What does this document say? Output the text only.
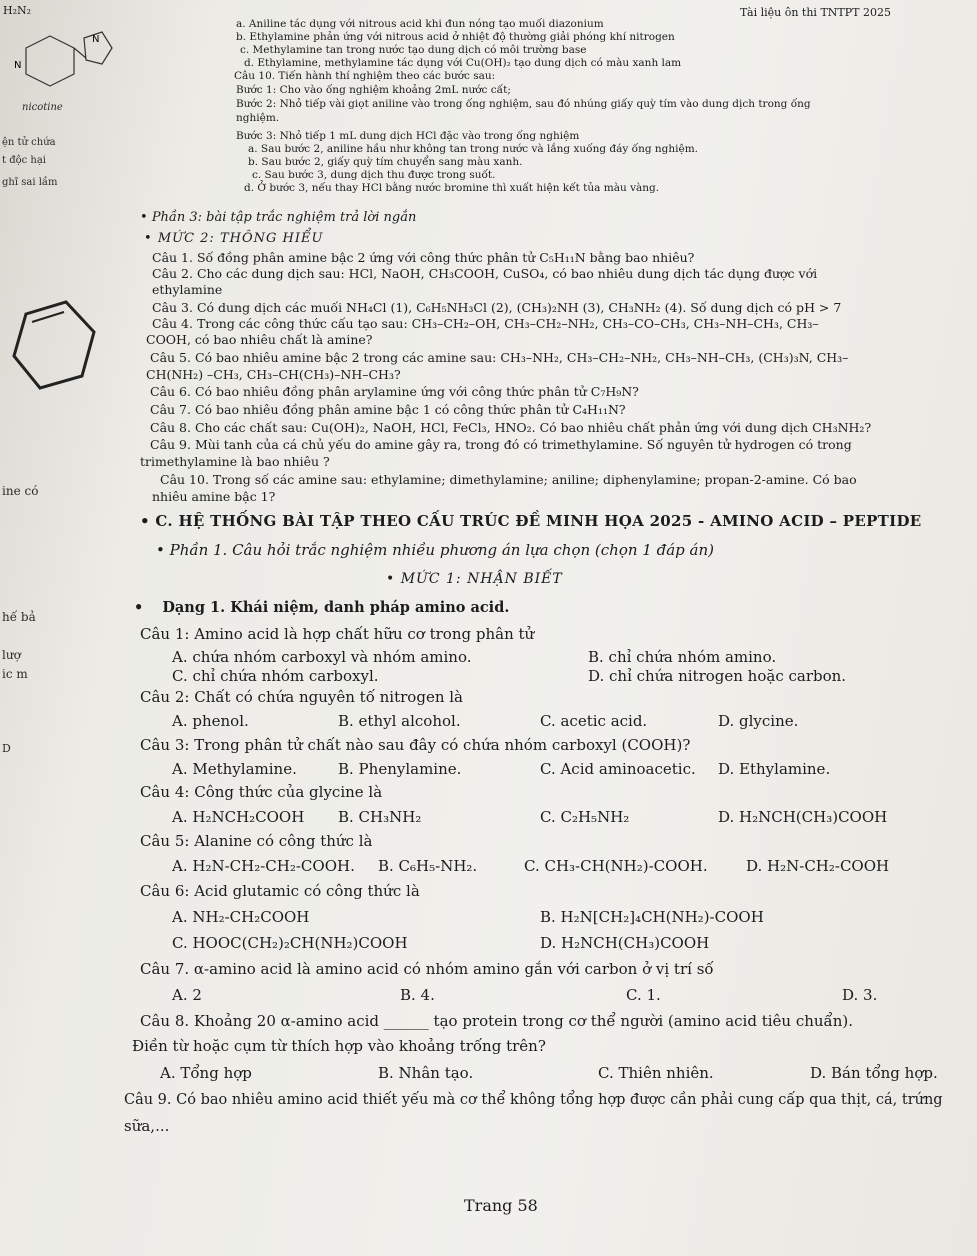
H₂N₂	Tài liệu ôn thi TNTPT 2025
N
N
nicotine
ện tử chứa
t độc hại
ghĩ sai lầm
a. Aniline tác dụng với nitrous acid khi đun nóng tạo muối diazonium
b. Ethylamine phản ứng với nitrous acid ở nhiệt độ thường giải phóng khí nitrogen
c. Methylamine tan trong nước tạo dung dịch có môi trường base
d. Ethylamine, methylamine tác dụng với Cu(OH)₂ tạo dung dịch có màu xanh lam
Câu 10. Tiến hành thí nghiệm theo các bước sau:
Bước 1: Cho vào ống nghiệm khoảng 2mL nước cất;
Bước 2: Nhỏ tiếp vài giọt aniline vào trong ống nghiệm, sau đó nhúng giấy quỳ tím vào dung dịch trong ống
nghiệm.
Bước 3: Nhỏ tiếp 1 mL dung dịch HCl đặc vào trong ống nghiệm
a. Sau bước 2, aniline hầu như không tan trong nước và lắng xuống đáy ống nghiệm.
b. Sau bước 2, giấy quỳ tím chuyển sang màu xanh.
c. Sau bước 3, dung dịch thu được trong suốt.
d. Ở bước 3, nếu thay HCl bằng nước bromine thì xuất hiện kết tủa màu vàng.
• Phần 3: bài tập trắc nghiệm trả lời ngắn
• MỨC 2: THÔNG HIỂU
Câu 1. Số đồng phân amine bậc 2 ứng với công thức phân tử C₅H₁₁N bằng bao nhiêu?
Câu 2. Cho các dung dịch sau: HCl, NaOH, CH₃COOH, CuSO₄, có bao nhiêu dung dịch tác dụng được với
ethylamine
Câu 3. Có dung dịch các muối NH₄Cl (1), C₆H₅NH₃Cl (2), (CH₃)₂NH (3), CH₃NH₂ (4). Số dung dịch có pH > 7
Câu 4. Trong các công thức cấu tạo sau: CH₃–CH₂–OH, CH₃–CH₂–NH₂, CH₃–CO–CH₃, CH₃–NH–CH₃, CH₃–
COOH, có bao nhiêu chất là amine?
Câu 5. Có bao nhiêu amine bậc 2 trong các amine sau: CH₃–NH₂, CH₃–CH₂–NH₂, CH₃–NH–CH₃, (CH₃)₃N, CH₃–
CH(NH₂) –CH₃, CH₃–CH(CH₃)–NH–CH₃?
Câu 6. Có bao nhiêu đồng phân arylamine ứng với công thức phân tử C₇H₉N?
Câu 7. Có bao nhiêu đồng phân amine bậc 1 có công thức phân tử C₄H₁₁N?
Câu 8. Cho các chất sau: Cu(OH)₂, NaOH, HCl, FeCl₃, HNO₂. Có bao nhiêu chất phản ứng với dung dịch CH₃NH₂?
Câu 9. Mùi tanh của cá chủ yếu do amine gây ra, trong đó có trimethylamine. Số nguyên tử hydrogen có trong
trimethylamine là bao nhiêu ?
Câu 10. Trong số các amine sau: ethylamine; dimethylamine; aniline; diphenylamine; propan-2-amine. Có bao
nhiêu amine bậc 1?
ine có
• C. HỆ THỐNG BÀI TẬP THEO CẤU TRÚC ĐỀ MINH HỌA 2025 - AMINO ACID – PEPTIDE
• Phần 1. Câu hỏi trắc nghiệm nhiều phương án lựa chọn (chọn 1 đáp án)
• MỨC 1: NHẬN BIẾT
• Dạng 1. Khái niệm, danh pháp amino acid.
hế bả
lượ
ic m
D
Câu 1: Amino acid là hợp chất hữu cơ trong phân tử
A. chứa nhóm carboxyl và nhóm amino.	B. chỉ chứa nhóm amino.
C. chỉ chứa nhóm carboxyl.	D. chỉ chứa nitrogen hoặc carbon.
Câu 2: Chất có chứa nguyên tố nitrogen là
A. phenol.	B. ethyl alcohol.	C. acetic acid.	D. glycine.
Câu 3: Trong phân tử chất nào sau đây có chứa nhóm carboxyl (COOH)?
A. Methylamine.	B. Phenylamine.	C. Acid aminoacetic. D. Ethylamine.
Câu 4: Công thức của glycine là
A. H₂NCH₂COOH B. CH₃NH₂	C. C₂H₅NH₂	D. H₂NCH(CH₃)COOH
Câu 5: Alanine có công thức là
A. H₂N-CH₂-CH₂-COOH. B. C₆H₅-NH₂.	C. CH₃-CH(NH₂)-COOH.	D. H₂N-CH₂-COOH
Câu 6: Acid glutamic có công thức là
A. NH₂-CH₂COOH	B. H₂N[CH₂]₄CH(NH₂)-COOH
C. HOOC(CH₂)₂CH(NH₂)COOH	D. H₂NCH(CH₃)COOH
Câu 7. α-amino acid là amino acid có nhóm amino gắn với carbon ở vị trí số
A. 2	B. 4.	C. 1.	D. 3.
Câu 8. Khoảng 20 α-amino acid ______ tạo protein trong cơ thể người (amino acid tiêu chuẩn).
Điền từ hoặc cụm từ thích hợp vào khoảng trống trên?
A. Tổng hợp	B. Nhân tạo.	C. Thiên nhiên.	D. Bán tổng hợp.
Câu 9. Có bao nhiêu amino acid thiết yếu mà cơ thể không tổng hợp được cần phải cung cấp qua thịt, cá, trứng
sữa,...
Trang 58
